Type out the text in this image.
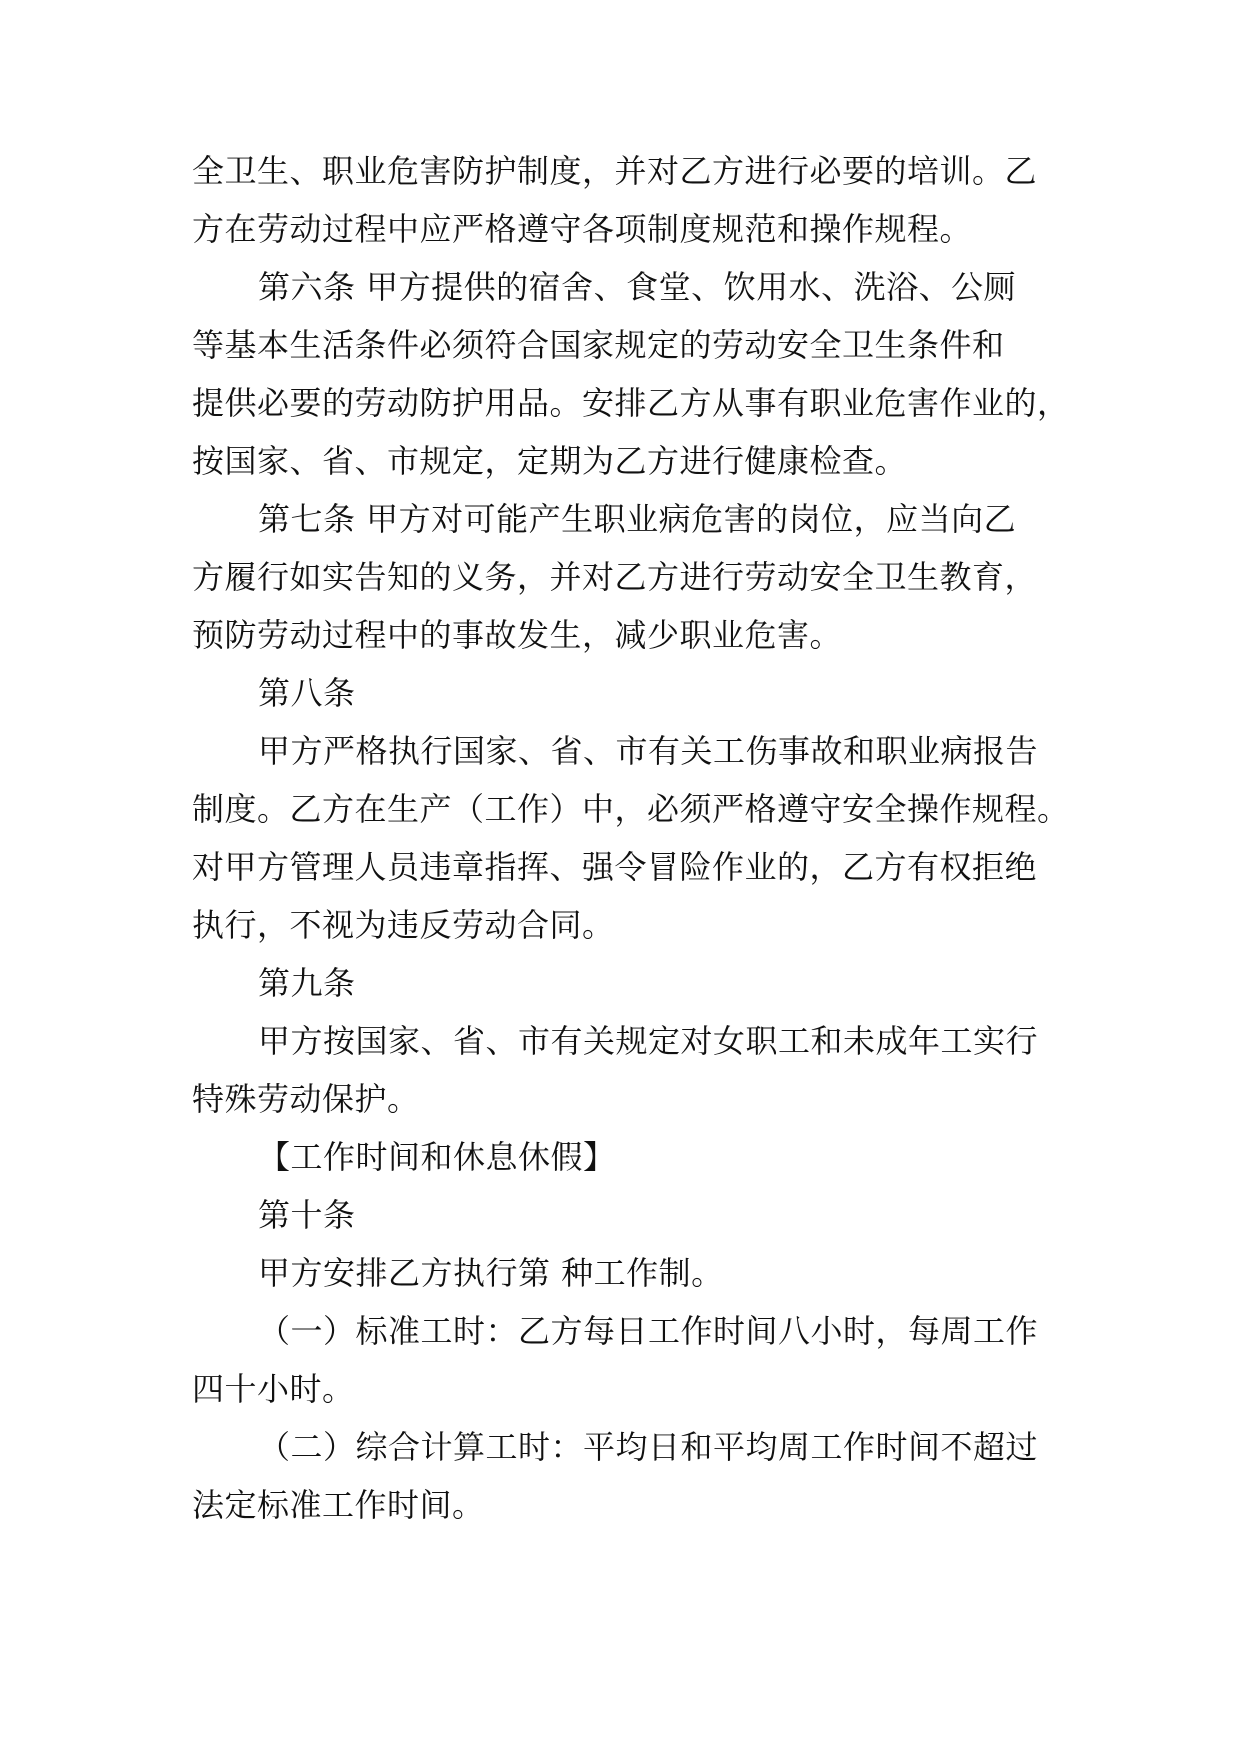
全卫生、职业危害防护制度，并对乙方进行必要的培训。乙
方在劳动过程中应严格遵守各项制度规范和操作规程。
第六条 甲方提供的宿舍、食堂、饮用水、洗浴、公厕
等基本生活条件必须符合国家规定的劳动安全卫生条件和
提供必要的劳动防护用品。安排乙方从事有职业危害作业的，
按国家、省、市规定，定期为乙方进行健康检查。
第七条 甲方对可能产生职业病危害的岗位，应当向乙
方履行如实告知的义务，并对乙方进行劳动安全卫生教育，
预防劳动过程中的事故发生，减少职业危害。
第八条
甲方严格执行国家、省、市有关工伤事故和职业病报告
制度。乙方在生产（工作）中，必须严格遵守安全操作规程。
对甲方管理人员违章指挥、强令冒险作业的，乙方有权拒绝
执行，不视为违反劳动合同。
第九条
甲方按国家、省、市有关规定对女职工和未成年工实行
特殊劳动保护。
【工作时间和休息休假】
第十条
甲方安排乙方执行第 种工作制。
（一）标准工时：乙方每日工作时间八小时，每周工作
四十小时。
（二）综合计算工时：平均日和平均周工作时间不超过
法定标准工作时间。
